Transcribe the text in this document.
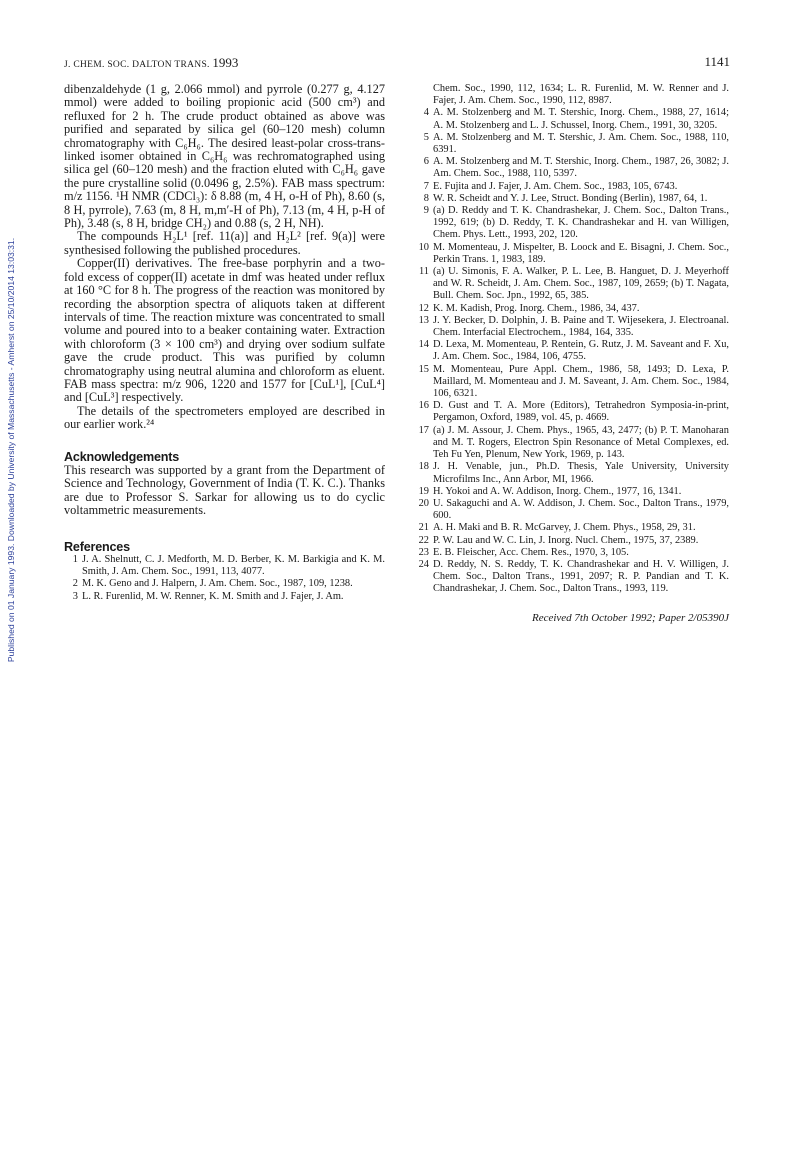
Published on 01 January 1993. Downloaded by University of Massachusetts - Amherst on 25/10/2014 13:03:31.
J. CHEM. SOC. DALTON TRANS. 1993	1141

dibenzaldehyde (1 g, 2.066 mmol) and pyrrole (0.277 g, 4.127 mmol) were added to boiling propionic acid (500 cm³) and refluxed for 2 h. The crude product obtained as above was purified and separated by silica gel (60–120 mesh) column chromatography with C₆H₆. The desired least-polar cross-trans-linked isomer obtained in C₆H₆ was rechromatographed using silica gel (60–120 mesh) and the fraction eluted with C₆H₆ gave the pure crystalline solid (0.0496 g, 2.5%). FAB mass spectrum: m/z 1156. ¹H NMR (CDCl₃): δ 8.88 (m, 4 H, o-H of Ph), 8.60 (s, 8 H, pyrrole), 7.63 (m, 8 H, m,m′-H of Ph), 7.13 (m, 4 H, p-H of Ph), 3.48 (s, 8 H, bridge CH₂) and 0.88 (s, 2 H, NH).

The compounds H₂L¹ [ref. 11(a)] and H₂L² [ref. 9(a)] were synthesised following the published procedures.

Copper(II) derivatives. The free-base porphyrin and a two-fold excess of copper(II) acetate in dmf was heated under reflux at 160 °C for 8 h. The progress of the reaction was monitored by recording the absorption spectra of aliquots taken at different intervals of time. The reaction mixture was concentrated to small volume and poured into to a beaker containing water. Extraction with chloroform (3 × 100 cm³) and drying over sodium sulfate gave the crude product. This was purified by column chromatography using neutral alumina and chloroform as eluent. FAB mass spectra: m/z 906, 1220 and 1577 for [CuL¹], [CuL⁴] and [CuL³] respectively.

The details of the spectrometers employed are described in our earlier work.²⁴

Acknowledgements

This research was supported by a grant from the Department of Science and Technology, Government of India (T. K. C.). Thanks are due to Professor S. Sarkar for allowing us to do cyclic voltammetric measurements.

References
1 J. A. Shelnutt, C. J. Medforth, M. D. Berber, K. M. Barkigia and K. M. Smith, J. Am. Chem. Soc., 1991, 113, 4077.
2 M. K. Geno and J. Halpern, J. Am. Chem. Soc., 1987, 109, 1238.
3 L. R. Furenlid, M. W. Renner, K. M. Smith and J. Fajer, J. Am.
Chem. Soc., 1990, 112, 1634; L. R. Furenlid, M. W. Renner and J. Fajer, J. Am. Chem. Soc., 1990, 112, 8987.
4 A. M. Stolzenberg and M. T. Stershic, Inorg. Chem., 1988, 27, 1614; A. M. Stolzenberg and L. J. Schussel, Inorg. Chem., 1991, 30, 3205.
5 A. M. Stolzenberg and M. T. Stershic, J. Am. Chem. Soc., 1988, 110, 6391.
6 A. M. Stolzenberg and M. T. Stershic, Inorg. Chem., 1987, 26, 3082; J. Am. Chem. Soc., 1988, 110, 5397.
7 E. Fujita and J. Fajer, J. Am. Chem. Soc., 1983, 105, 6743.
8 W. R. Scheidt and Y. J. Lee, Struct. Bonding (Berlin), 1987, 64, 1.
9 (a) D. Reddy and T. K. Chandrashekar, J. Chem. Soc., Dalton Trans., 1992, 619; (b) D. Reddy, T. K. Chandrashekar and H. van Willigen, Chem. Phys. Lett., 1993, 202, 120.
10 M. Momenteau, J. Mispelter, B. Loock and E. Bisagni, J. Chem. Soc., Perkin Trans. 1, 1983, 189.
11 (a) U. Simonis, F. A. Walker, P. L. Lee, B. Hanguet, D. J. Meyerhoff and W. R. Scheidt, J. Am. Chem. Soc., 1987, 109, 2659; (b) T. Nagata, Bull. Chem. Soc. Jpn., 1992, 65, 385.
12 K. M. Kadish, Prog. Inorg. Chem., 1986, 34, 437.
13 J. Y. Becker, D. Dolphin, J. B. Paine and T. Wijesekera, J. Electroanal. Chem. Interfacial Electrochem., 1984, 164, 335.
14 D. Lexa, M. Momenteau, P. Rentein, G. Rutz, J. M. Saveant and F. Xu, J. Am. Chem. Soc., 1984, 106, 4755.
15 M. Momenteau, Pure Appl. Chem., 1986, 58, 1493; D. Lexa, P. Maillard, M. Momenteau and J. M. Saveant, J. Am. Chem. Soc., 1984, 106, 6321.
16 D. Gust and T. A. More (Editors), Tetrahedron Symposia-in-print, Pergamon, Oxford, 1989, vol. 45, p. 4669.
17 (a) J. M. Assour, J. Chem. Phys., 1965, 43, 2477; (b) P. T. Manoharan and M. T. Rogers, Electron Spin Resonance of Metal Complexes, ed. Teh Fu Yen, Plenum, New York, 1969, p. 143.
18 J. H. Venable, jun., Ph.D. Thesis, Yale University, University Microfilms Inc., Ann Arbor, MI, 1966.
19 H. Yokoi and A. W. Addison, Inorg. Chem., 1977, 16, 1341.
20 U. Sakaguchi and A. W. Addison, J. Chem. Soc., Dalton Trans., 1979, 600.
21 A. H. Maki and B. R. McGarvey, J. Chem. Phys., 1958, 29, 31.
22 P. W. Lau and W. C. Lin, J. Inorg. Nucl. Chem., 1975, 37, 2389.
23 E. B. Fleischer, Acc. Chem. Res., 1970, 3, 105.
24 D. Reddy, N. S. Reddy, T. K. Chandrashekar and H. V. Willigen, J. Chem. Soc., Dalton Trans., 1991, 2097; R. P. Pandian and T. K. Chandrashekar, J. Chem. Soc., Dalton Trans., 1993, 119.
Received 7th October 1992; Paper 2/05390J
